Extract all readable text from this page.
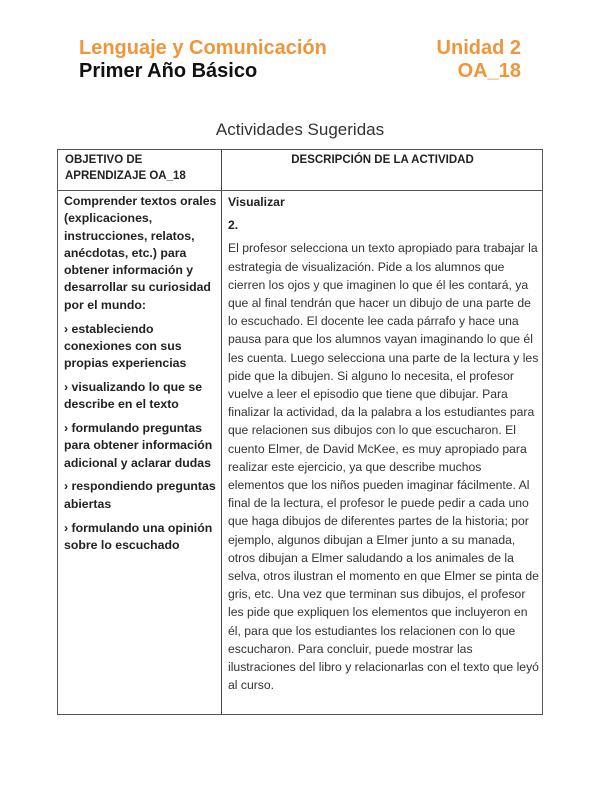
Lenguaje y Comunicación
Primer Año Básico
Unidad 2
OA_18
Actividades Sugeridas
OBJETIVO DE APRENDIZAJE OA_18
DESCRIPCIÓN DE LA ACTIVIDAD

Comprender textos orales (explicaciones, instrucciones, relatos, anécdotas, etc.) para obtener información y desarrollar su curiosidad por el mundo:

› estableciendo conexiones con sus propias experiencias

› visualizando lo que se describe en el texto

› formulando preguntas para obtener información adicional y aclarar dudas

› respondiendo preguntas abiertas

› formulando una opinión sobre lo escuchado

Visualizar

2.

El profesor selecciona un texto apropiado para trabajar la estrategia de visualización. Pide a los alumnos que cierren los ojos y que imaginen lo que él les contará, ya que al final tendrán que hacer un dibujo de una parte de lo escuchado. El docente lee cada párrafo y hace una pausa para que los alumnos vayan imaginando lo que él les cuenta. Luego selecciona una parte de la lectura y les pide que la dibujen. Si alguno lo necesita, el profesor vuelve a leer el episodio que tiene que dibujar. Para finalizar la actividad, da la palabra a los estudiantes para que relacionen sus dibujos con lo que escucharon. El cuento Elmer, de David McKee, es muy apropiado para realizar este ejercicio, ya que describe muchos elementos que los niños pueden imaginar fácilmente. Al final de la lectura, el profesor le puede pedir a cada uno que haga dibujos de diferentes partes de la historia; por ejemplo, algunos dibujan a Elmer junto a su manada, otros dibujan a Elmer saludando a los animales de la selva, otros ilustran el momento en que Elmer se pinta de gris, etc. Una vez que terminan sus dibujos, el profesor les pide que expliquen los elementos que incluyeron en él, para que los estudiantes los relacionen con lo que escucharon. Para concluir, puede mostrar las ilustraciones del libro y relacionarlas con el texto que leyó al curso.
